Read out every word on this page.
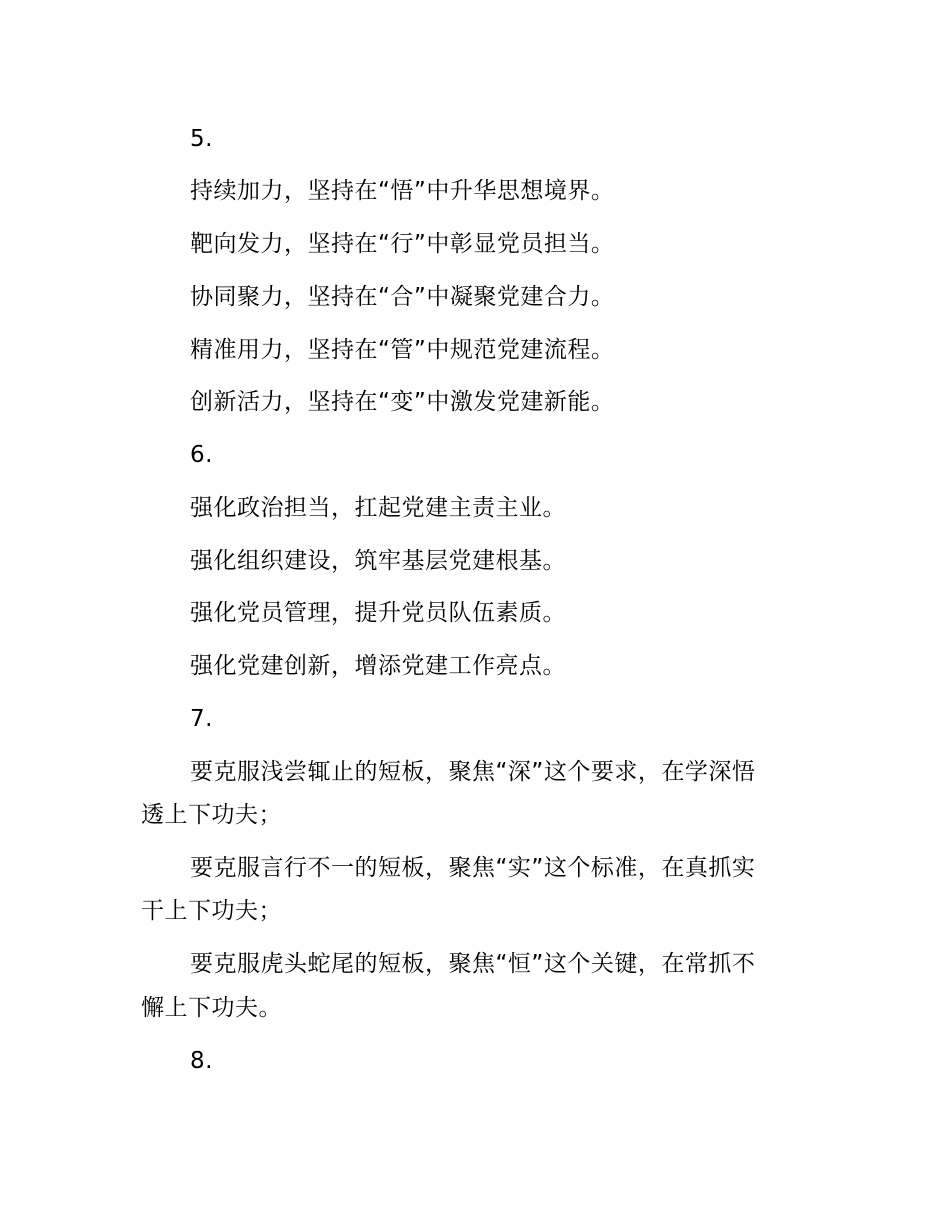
5.
持续加力，坚持在“悟”中升华思想境界。
靶向发力，坚持在“行”中彰显党员担当。
协同聚力，坚持在“合”中凝聚党建合力。
精准用力，坚持在“管”中规范党建流程。
创新活力，坚持在“变”中激发党建新能。
6.
强化政治担当，扛起党建主责主业。
强化组织建设，筑牢基层党建根基。
强化党员管理，提升党员队伍素质。
强化党建创新，增添党建工作亮点。
7.
要克服浅尝辄止的短板，聚焦“深”这个要求，在学深悟
透上下功夫；
要克服言行不一的短板，聚焦“实”这个标准，在真抓实
干上下功夫；
要克服虎头蛇尾的短板，聚焦“恒”这个关键，在常抓不
懈上下功夫。
8.
